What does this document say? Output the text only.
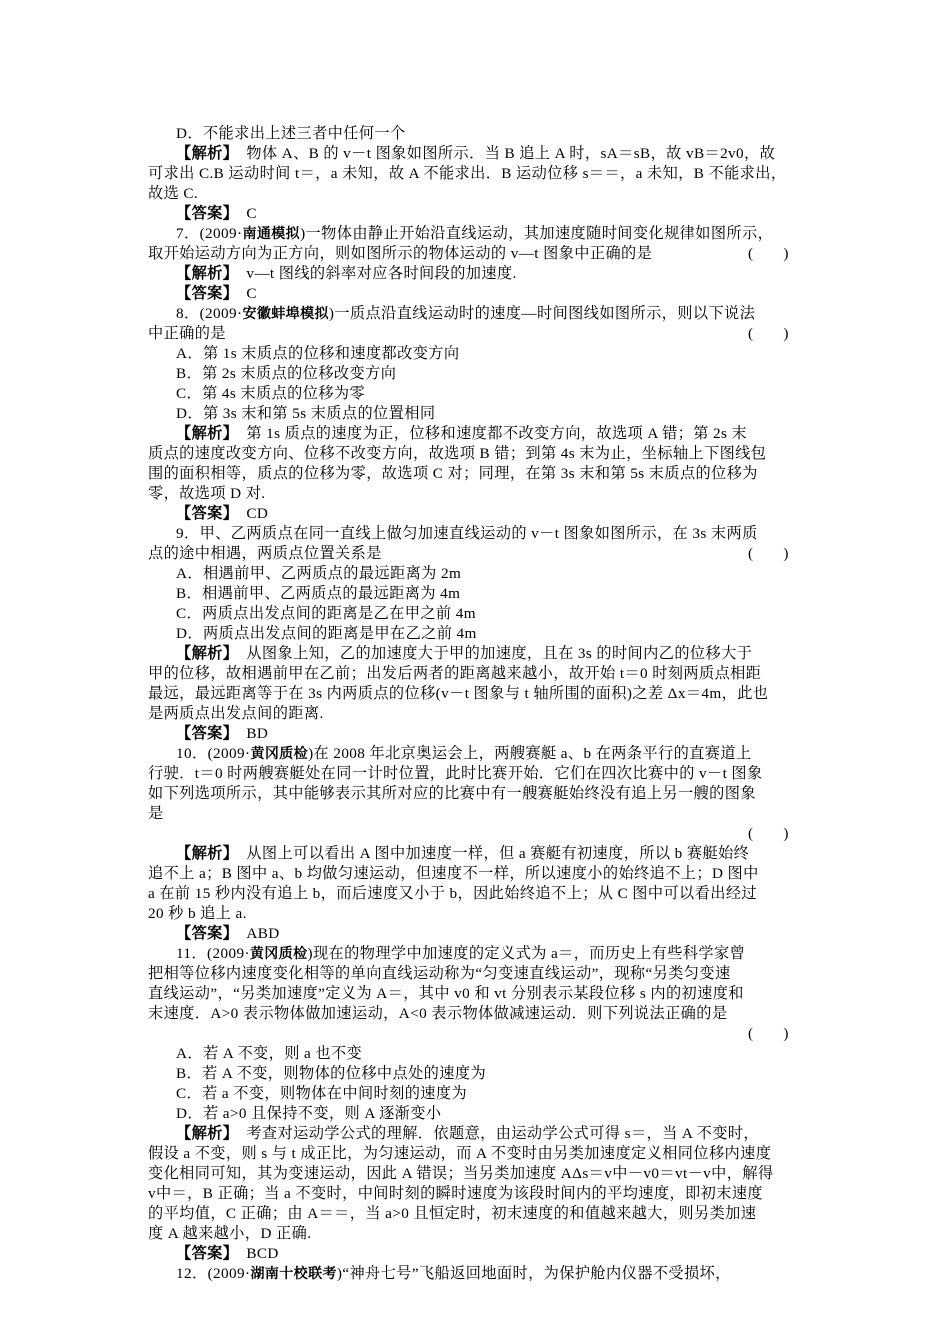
D．不能求出上述三者中任何一个
【解析】　 物体 A、B 的 v－t 图象如图所示．当 B 追上 A 时，sA＝sB，故 vB＝2v0，故
可求出 C.B 运动时间 t＝，a 未知，故 A 不能求出．B 运动位移 s＝＝，a 未知，B 不能求出，
故选 C.
【答案】　 C
7．(2009·南通模拟)一物体由静止开始沿直线运动，其加速度随时间变化规律如图所示，
取开始运动方向为正方向，则如图所示的物体运动的 v—t 图象中正确的是	(　　)
【解析】　 v—t 图线的斜率对应各时间段的加速度.
【答案】　 C
8．(2009·安徽蚌埠模拟)一质点沿直线运动时的速度—时间图线如图所示，则以下说法
中正确的是	(　　)
A．第 1s 末质点的位移和速度都改变方向
B．第 2s 末质点的位移改变方向
C．第 4s 末质点的位移为零
D．第 3s 末和第 5s 末质点的位置相同
【解析】　 第 1s 质点的速度为正，位移和速度都不改变方向，故选项 A 错；第 2s 末
质点的速度改变方向、位移不改变方向，故选项 B 错；到第 4s 末为止，坐标轴上下图线包
围的面积相等，质点的位移为零，故选项 C 对；同理，在第 3s 末和第 5s 末质点的位移为
零，故选项 D 对.
【答案】　 CD
9．甲、乙两质点在同一直线上做匀加速直线运动的 v－t 图象如图所示，在 3s 末两质
点的途中相遇，两质点位置关系是	(　　)
A．相遇前甲、乙两质点的最远距离为 2m
B．相遇前甲、乙两质点的最远距离为 4m
C．两质点出发点间的距离是乙在甲之前 4m
D．两质点出发点间的距离是甲在乙之前 4m
【解析】　 从图象上知，乙的加速度大于甲的加速度，且在 3s 的时间内乙的位移大于
甲的位移，故相遇前甲在乙前；出发后两者的距离越来越小，故开始 t＝0 时刻两质点相距
最远，最远距离等于在 3s 内两质点的位移(v－t 图象与 t 轴所围的面积)之差 Δx＝4m，此也
是两质点出发点间的距离.
【答案】　 BD
10．(2009·黄冈质检)在 2008 年北京奥运会上，两艘赛艇 a、b 在两条平行的直赛道上
行驶．t＝0 时两艘赛艇处在同一计时位置，此时比赛开始．它们在四次比赛中的 v－t 图象
如下列选项所示，其中能够表示其所对应的比赛中有一艘赛艇始终没有追上另一艘的图象
是
(　　)
【解析】　 从图上可以看出 A 图中加速度一样，但 a 赛艇有初速度，所以 b 赛艇始终
追不上 a；B 图中 a、b 均做匀速运动，但速度不一样，所以速度小的始终追不上；D 图中
a 在前 15 秒内没有追上 b，而后速度又小于 b，因此始终追不上；从 C 图中可以看出经过
20 秒 b 追上 a.
【答案】　 ABD
11．(2009·黄冈质检)现在的物理学中加速度的定义式为 a＝，而历史上有些科学家曾
把相等位移内速度变化相等的单向直线运动称为“匀变速直线运动”，现称“另类匀变速
直线运动”，“另类加速度”定义为 A＝，其中 v0 和 vt 分别表示某段位移 s 内的初速度和
末速度．A>0 表示物体做加速运动，A<0 表示物体做减速运动．则下列说法正确的是
(　　)
A．若 A 不变，则 a 也不变
B．若 A 不变，则物体的位移中点处的速度为
C．若 a 不变，则物体在中间时刻的速度为
D．若 a>0 且保持不变，则 A 逐渐变小
【解析】　 考查对运动学公式的理解．依题意，由运动学公式可得 s＝，当 A 不变时，
假设 a 不变，则 s 与 t 成正比，为匀速运动，而 A 不变时由另类加速度定义相同位移内速度
变化相同可知，其为变速运动，因此 A 错误；当另类加速度 AΔs＝v中－v0＝vt－v中，解得
v中＝，B 正确；当 a 不变时，中间时刻的瞬时速度为该段时间内的平均速度，即初末速度
的平均值，C 正确；由 A＝＝，当 a>0 且恒定时，初末速度的和值越来越大，则另类加速
度 A 越来越小，D 正确.
【答案】　 BCD
12．(2009·湖南十校联考)“神舟七号”飞船返回地面时，为保护舱内仪器不受损坏，
